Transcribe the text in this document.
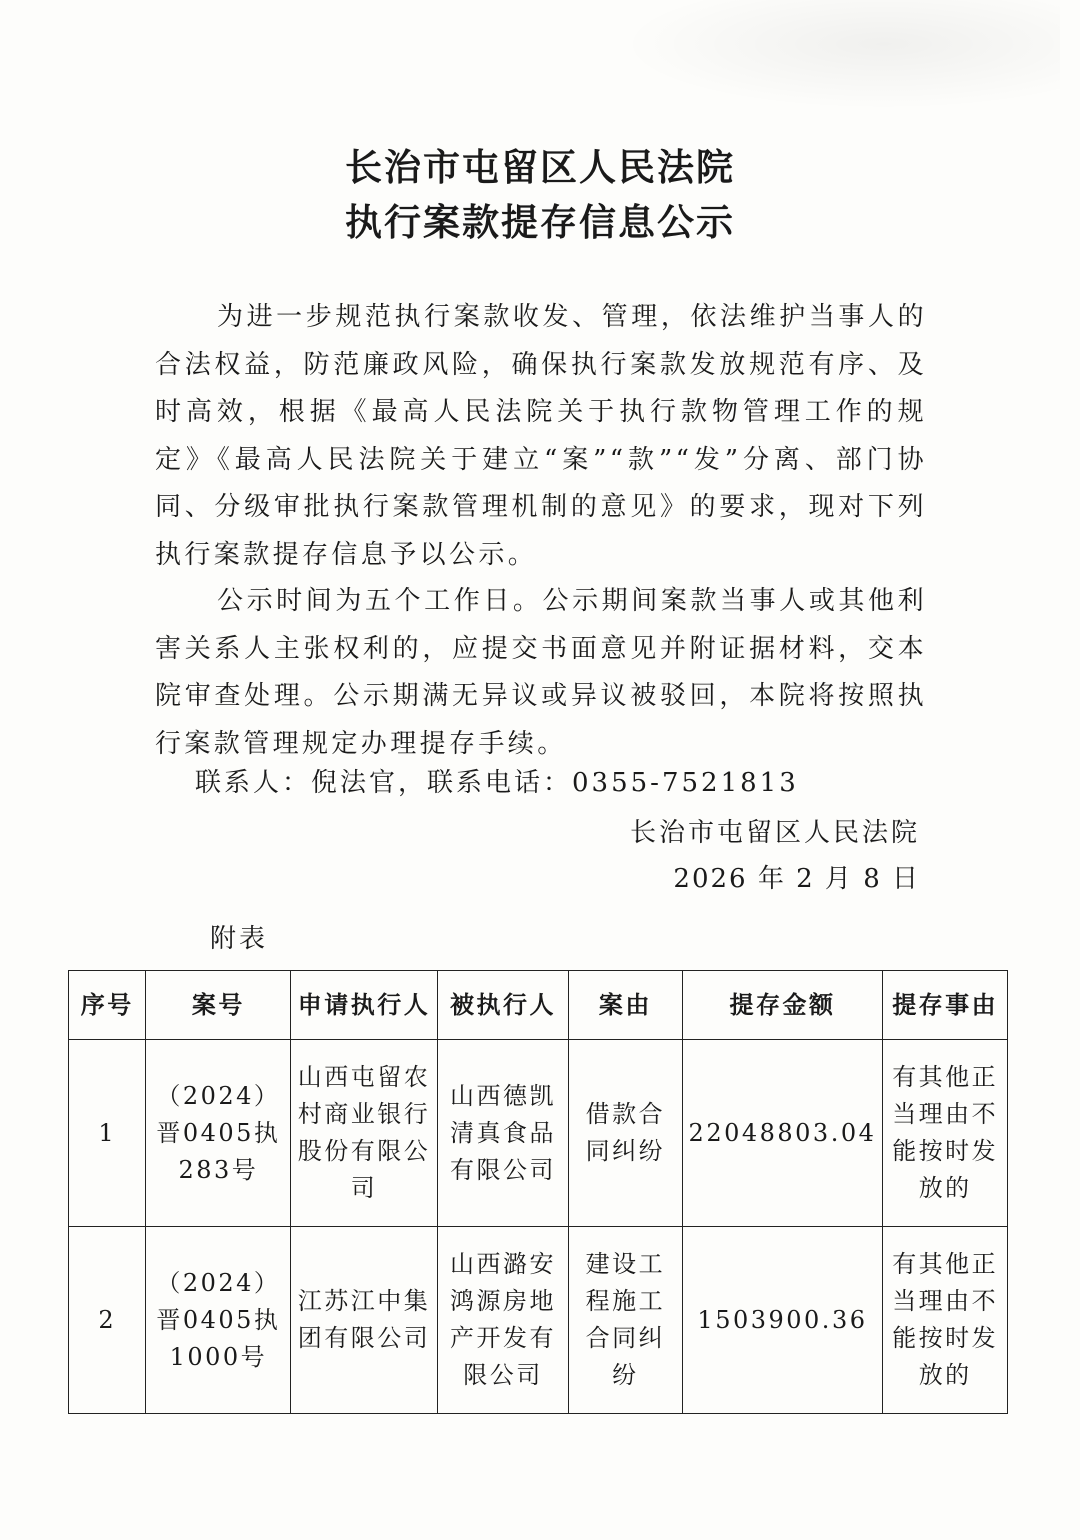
长治市屯留区人民法院
执行案款提存信息公示

为进一步规范执行案款收发、管理，依法维护当事人的合法权益，防范廉政风险，确保执行案款发放规范有序、及时高效，根据《最高人民法院关于执行款物管理工作的规定》《最高人民法院关于建立“案”“款”“发”分离、部门协同、分级审批执行案款管理机制的意见》的要求，现对下列执行案款提存信息予以公示。

公示时间为五个工作日。公示期间案款当事人或其他利害关系人主张权利的，应提交书面意见并附证据材料，交本院审查处理。公示期满无异议或异议被驳回，本院将按照执行案款管理规定办理提存手续。

联系人：倪法官，联系电话：0355-7521813

长治市屯留区人民法院

2026 年 2 月 8 日

附表

序号	案号	申请执行人	被执行人	案由	提存金额	提存事由
1	（2024）晋0405执283号	山西屯留农村商业银行股份有限公司	山西德凯清真食品有限公司	借款合同纠纷	22048803.04	有其他正当理由不能按时发放的
2	（2024）晋0405执1000号	江苏江中集团有限公司	山西潞安鸿源房地产开发有限公司	建设工程施工合同纠纷	1503900.36	有其他正当理由不能按时发放的
